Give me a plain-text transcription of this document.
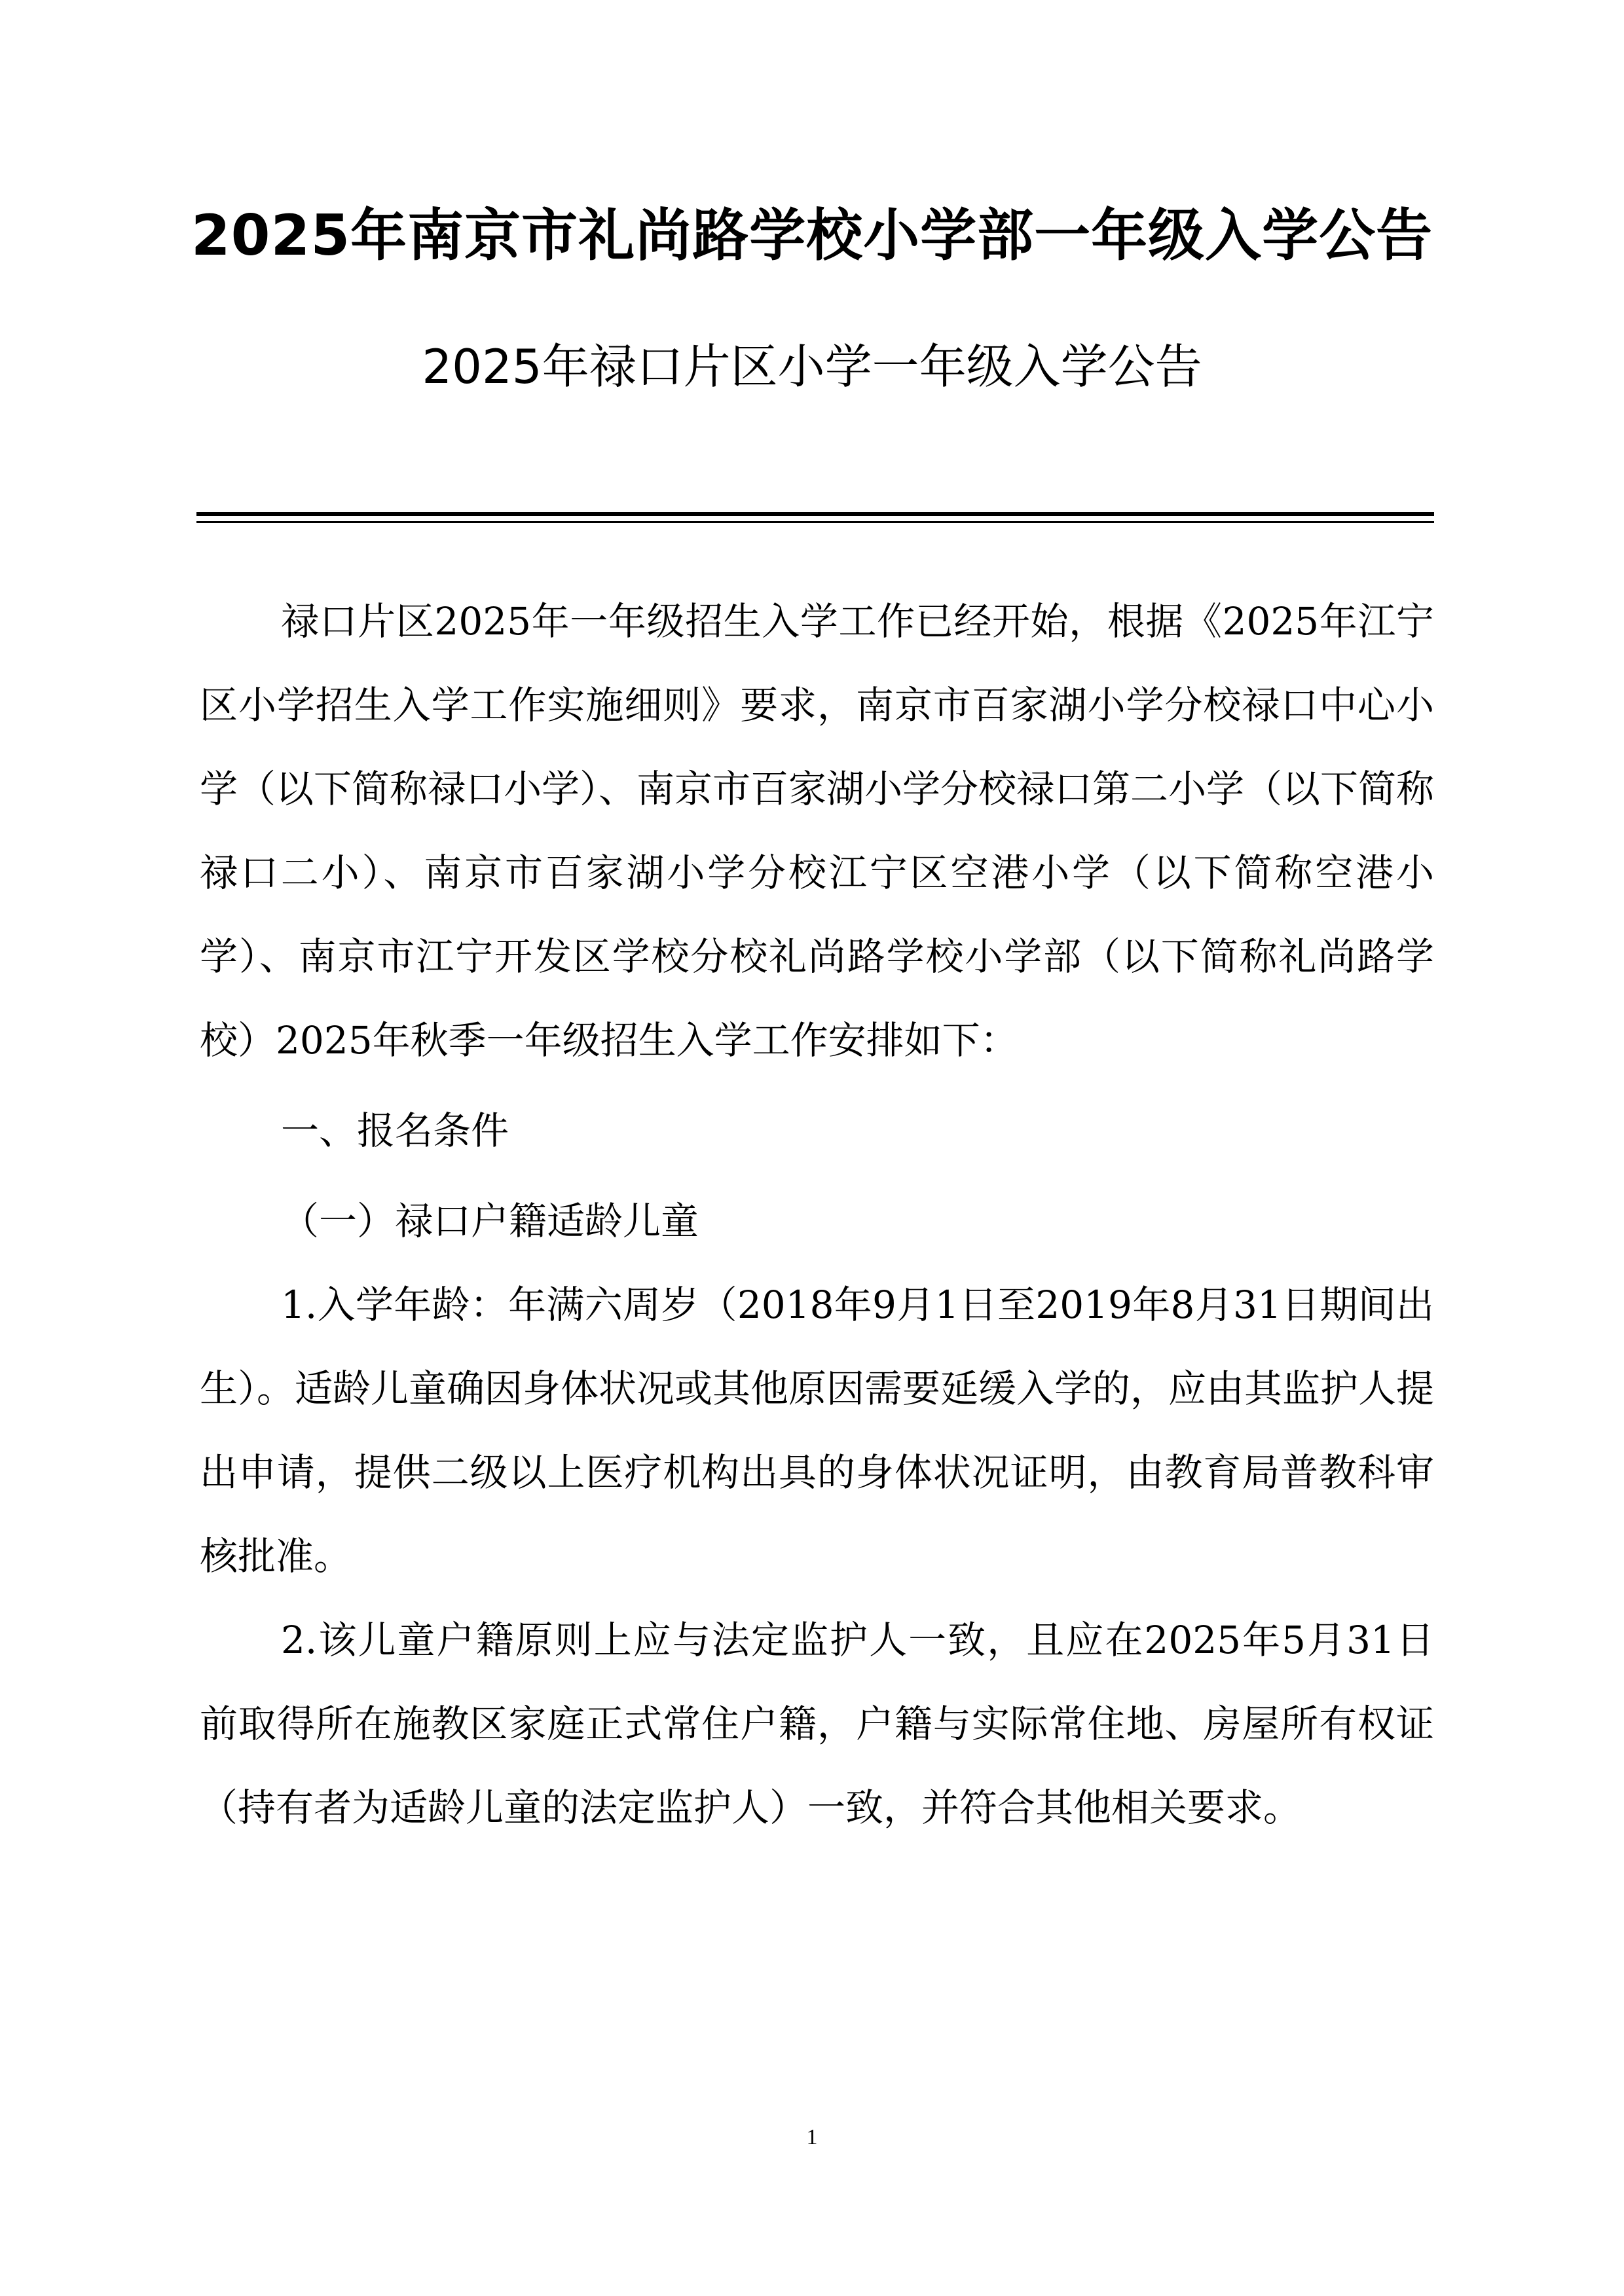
2025年南京市礼尚路学校小学部一年级入学公告
2025年禄口片区小学一年级入学公告

禄口片区2025年一年级招生入学工作已经开始，根据《2025年江宁区小学招生入学工作实施细则》要求，南京市百家湖小学分校禄口中心小学（以下简称禄口小学）、南京市百家湖小学分校禄口第二小学（以下简称禄口二小）、南京市百家湖小学分校江宁区空港小学（以下简称空港小学）、南京市江宁开发区学校分校礼尚路学校小学部（以下简称礼尚路学校）2025年秋季一年级招生入学工作安排如下：

一、报名条件

（一）禄口户籍适龄儿童

1.入学年龄：年满六周岁（2018年9月1日至2019年8月31日期间出生）。适龄儿童确因身体状况或其他原因需要延缓入学的，应由其监护人提出申请，提供二级以上医疗机构出具的身体状况证明，由教育局普教科审核批准。

2.该儿童户籍原则上应与法定监护人一致，且应在2025年5月31日前取得所在施教区家庭正式常住户籍，户籍与实际常住地、房屋所有权证（持有者为适龄儿童的法定监护人）一致，并符合其他相关要求。

1
